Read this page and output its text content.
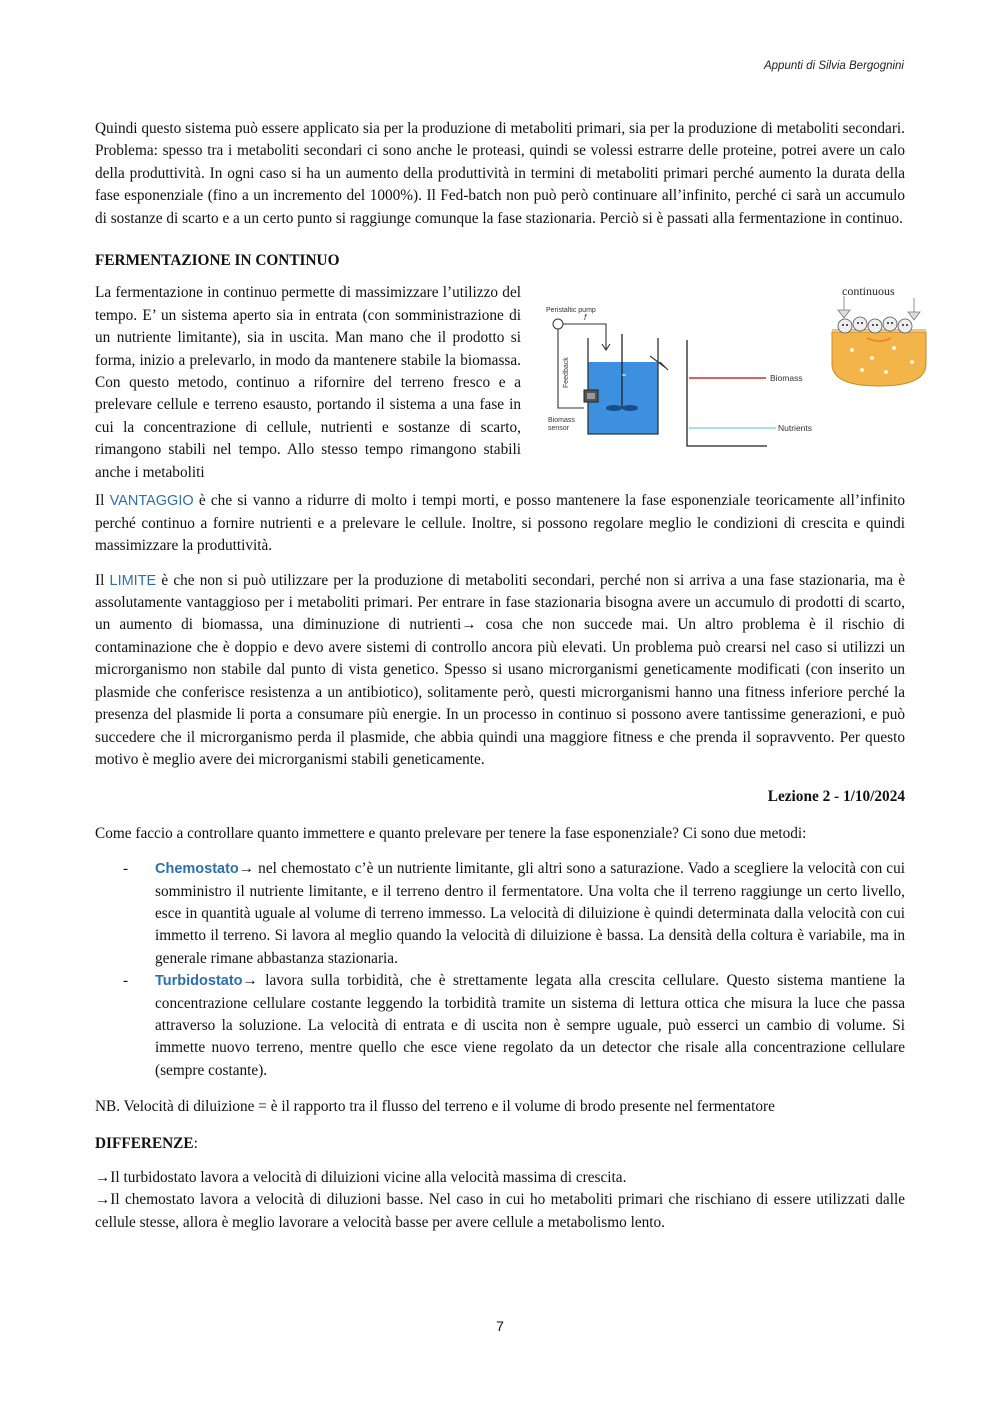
Appunti di Silvia Bergognini

Quindi questo sistema può essere applicato sia per la produzione di metaboliti primari, sia per la produzione di metaboliti secondari. Problema: spesso tra i metaboliti secondari ci sono anche le proteasi, quindi se volessi estrarre delle proteine, potrei avere un calo della produttività. In ogni caso si ha un aumento della produttività in termini di metaboliti primari perché aumento la durata della fase esponenziale (fino a un incremento del 1000%). Il Fed-batch non può però continuare all’infinito, perché ci sarà un accumulo di sostanze di scarto e a un certo punto si raggiunge comunque la fase stazionaria. Perciò si è passati alla fermentazione in continuo.

FERMENTAZIONE IN CONTINUO

La fermentazione in continuo permette di massimizzare l’utilizzo del tempo. E’ un sistema aperto sia in entrata (con somministrazione di un nutriente limitante), sia in uscita. Man mano che il prodotto si forma, inizio a prelevarlo, in modo da mantenere stabile la biomassa. Con questo metodo, continuo a rifornire del terreno fresco e a prelevare cellule e terreno esausto, portando il sistema a una fase in cui la concentrazione di cellule, nutrienti e sostanze di scarto, rimangono stabili nel tempo. Allo stesso tempo rimangono stabili anche i metaboliti

Peristaltic pump
f
Feedback
Biomass
sensor
Biomass
Nutrients
continuous

Il VANTAGGIO è che si vanno a ridurre di molto i tempi morti, e posso mantenere la fase esponenziale teoricamente all’infinito perché continuo a fornire nutrienti e a prelevare le cellule. Inoltre, si possono regolare meglio le condizioni di crescita e quindi massimizzare la produttività.

Il LIMITE è che non si può utilizzare per la produzione di metaboliti secondari, perché non si arriva a una fase stazionaria, ma è assolutamente vantaggioso per i metaboliti primari. Per entrare in fase stazionaria bisogna avere un accumulo di prodotti di scarto, un aumento di biomassa, una diminuzione di nutrienti→ cosa che non succede mai. Un altro problema è il rischio di contaminazione che è doppio e devo avere sistemi di controllo ancora più elevati. Un problema può crearsi nel caso si utilizzi un microrganismo non stabile dal punto di vista genetico. Spesso si usano microrganismi geneticamente modificati (con inserito un plasmide che conferisce resistenza a un antibiotico), solitamente però, questi microrganismi hanno una fitness inferiore perché la presenza del plasmide li porta a consumare più energie. In un processo in continuo si possono avere tantissime generazioni, e può succedere che il microrganismo perda il plasmide, che abbia quindi una maggiore fitness e che prenda il sopravvento. Per questo motivo è meglio avere dei microrganismi stabili geneticamente.

Lezione 2 - 1/10/2024

Come faccio a controllare quanto immettere e quanto prelevare per tenere la fase esponenziale? Ci sono due metodi:

- Chemostato→ nel chemostato c’è un nutriente limitante, gli altri sono a saturazione. Vado a scegliere la velocità con cui somministro il nutriente limitante, e il terreno dentro il fermentatore. Una volta che il terreno raggiunge un certo livello, esce in quantità uguale al volume di terreno immesso. La velocità di diluizione è quindi determinata dalla velocità con cui immetto il terreno. Si lavora al meglio quando la velocità di diluizione è bassa. La densità della coltura è variabile, ma in generale rimane abbastanza stazionaria.
- Turbidostato→ lavora sulla torbidità, che è strettamente legata alla crescita cellulare. Questo sistema mantiene la concentrazione cellulare costante leggendo la torbidità tramite un sistema di lettura ottica che misura la luce che passa attraverso la soluzione. La velocità di entrata e di uscita non è sempre uguale, può esserci un cambio di volume. Si immette nuovo terreno, mentre quello che esce viene regolato da un detector che risale alla concentrazione cellulare (sempre costante).

NB. Velocità di diluizione = è il rapporto tra il flusso del terreno e il volume di brodo presente nel fermentatore

DIFFERENZE:

→Il turbidostato lavora a velocità di diluizioni vicine alla velocità massima di crescita.

→Il chemostato lavora a velocità di diluzioni basse. Nel caso in cui ho metaboliti primari che rischiano di essere utilizzati dalle cellule stesse, allora è meglio lavorare a velocità basse per avere cellule a metabolismo lento.

7
